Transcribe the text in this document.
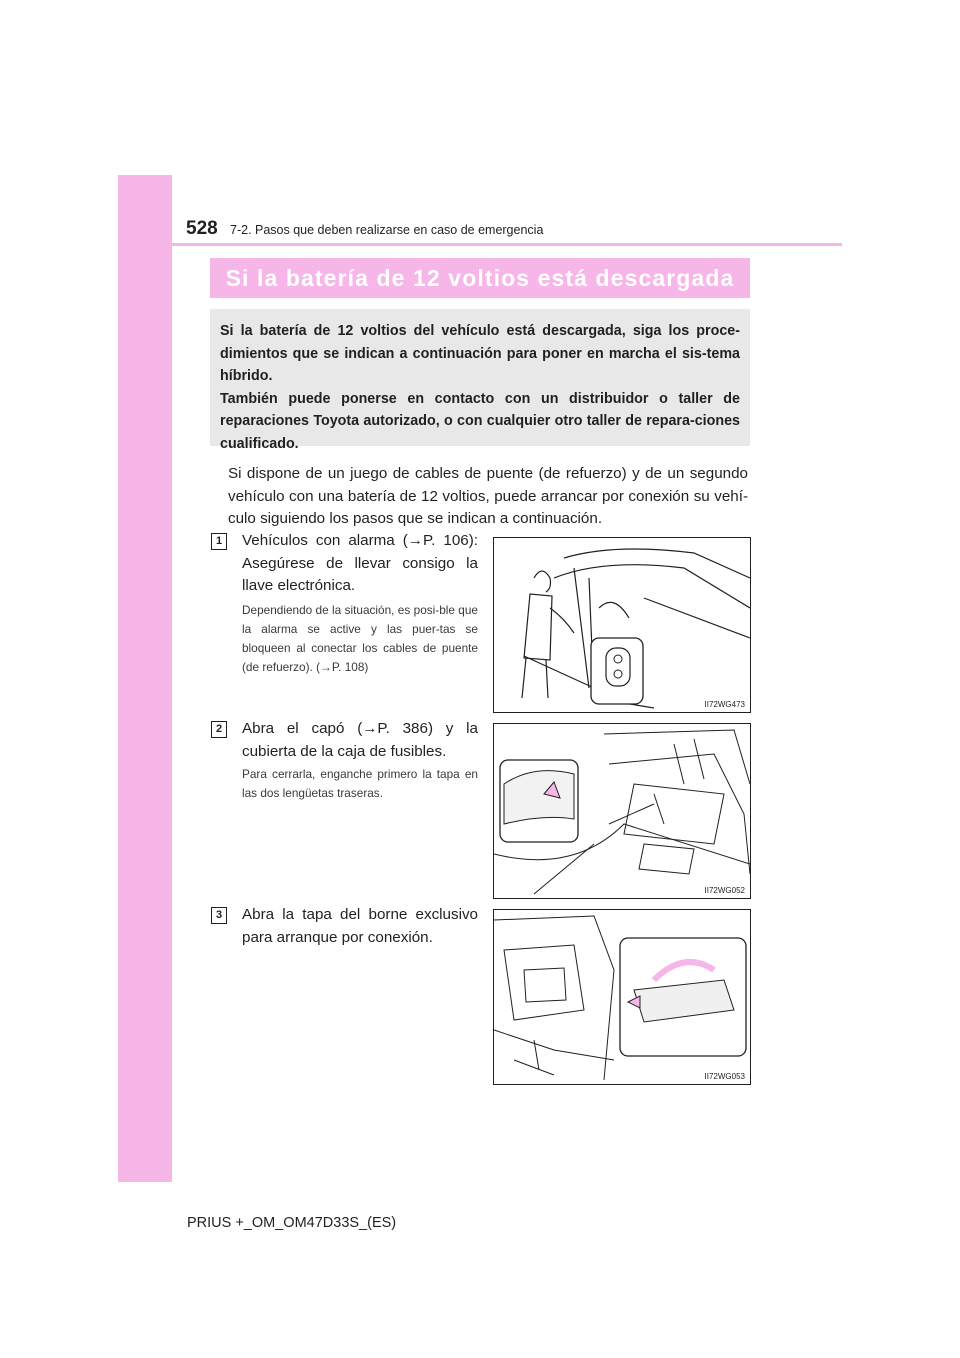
528 7-2. Pasos que deben realizarse en caso de emergencia
Si la batería de 12 voltios está descargada

Si la batería de 12 voltios del vehículo está descargada, siga los proce-dimientos que se indican a continuación para poner en marcha el sis-tema híbrido.

También puede ponerse en contacto con un distribuidor o taller de reparaciones Toyota autorizado, o con cualquier otro taller de repara-ciones cualificado.

Si dispone de un juego de cables de puente (de refuerzo) y de un segundo vehículo con una batería de 12 voltios, puede arrancar por conexión su vehí-culo siguiendo los pasos que se indican a continuación.

1	Vehículos con alarma (→P. 106): Asegúrese de llevar consigo la llave electrónica.

Dependiendo de la situación, es posi-ble que la alarma se active y las puer-tas se bloqueen al conectar los cables de puente (de refuerzo). (→P. 108)

II72WG473
2	Abra el capó (→P. 386) y la cubierta de la caja de fusibles.

Para cerrarla, enganche primero la tapa en las dos lengüetas traseras.

II72WG052
3	Abra la tapa del borne exclusivo para arranque por conexión.

II72WG053
PRIUS +_OM_OM47D33S_(ES)
